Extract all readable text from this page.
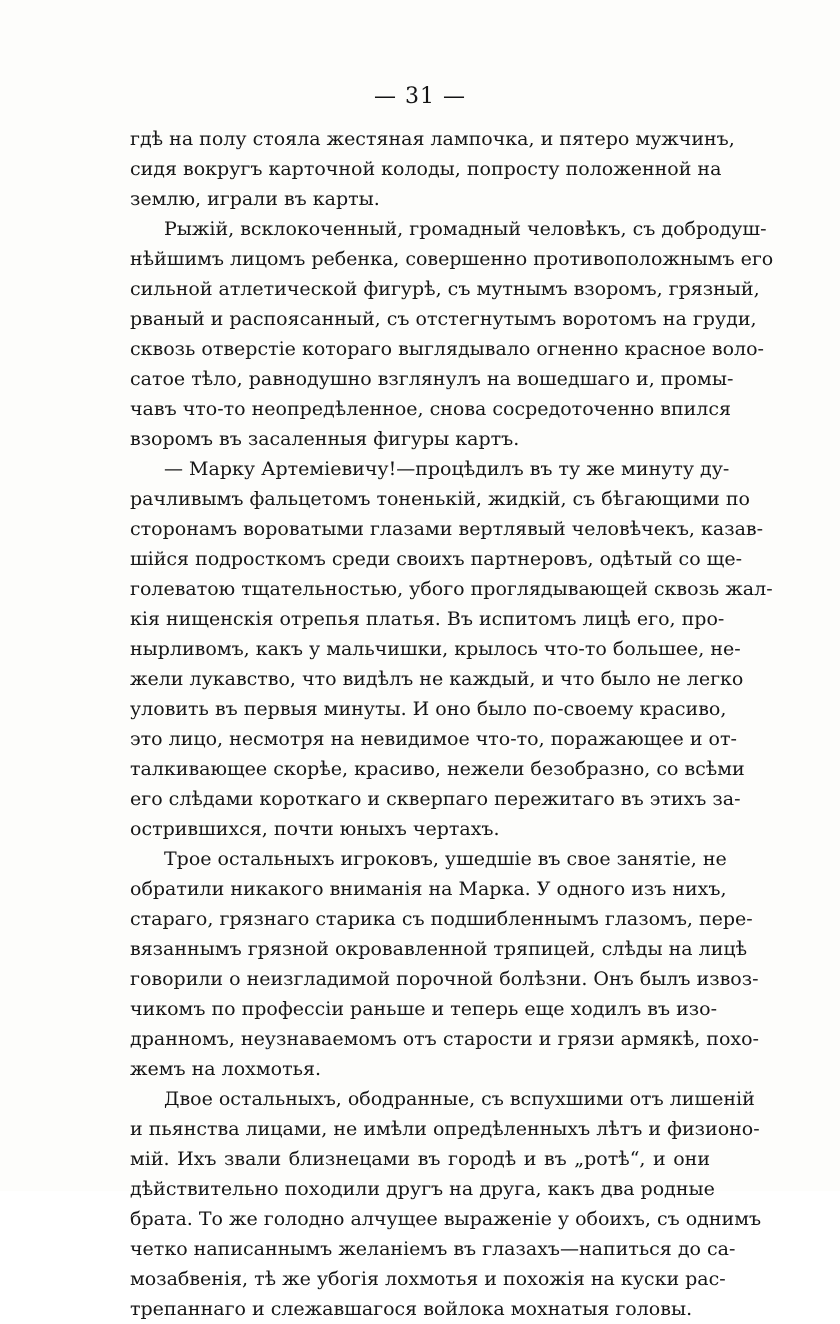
— 31 —

гдѣ на полу стояла жестяная лампочка, и пятеро мужчинъ,
сидя вокругъ карточной колоды, попросту положенной на
землю, играли въ карты.

Рыжій, всклокоченный, громадный человѣкъ, съ добродуш-
нѣйшимъ лицомъ ребенка, совершенно противоположнымъ его
сильной атлетической фигурѣ, съ мутнымъ взоромъ, грязный,
рваный и распоясанный, съ отстегнутымъ воротомъ на груди,
сквозь отверстіе котораго выглядывало огненно красное воло-
сатое тѣло, равнодушно взглянулъ на вошедшаго и, промы-
чавъ что-то неопредѣленное, снова сосредоточенно впился
взоромъ въ засаленныя фигуры картъ.

— Марку Артеміевичу!—процѣдилъ въ ту же минуту ду-
рачливымъ фальцетомъ тоненькій, жидкій, съ бѣгающими по
сторонамъ вороватыми глазами вертлявый человѣчекъ, казав-
шійся подросткомъ среди своихъ партнеровъ, одѣтый со ще-
голеватою тщательностью, убого проглядывающей сквозь жал-
кія нищенскія отрепья платья. Въ испитомъ лицѣ его, про-
нырливомъ, какъ у мальчишки, крылось что-то большее, не-
жели лукавство, что видѣлъ не каждый, и что было не легко
уловить въ первыя минуты. И оно было по-своему красиво,
это лицо, несмотря на невидимое что-то, поражающее и от-
талкивающее скорѣе, красиво, нежели безобразно, со всѣми
его слѣдами короткаго и скверпаго пережитаго въ этихъ за-
острившихся, почти юныхъ чертахъ.

Трое остальныхъ игроковъ, ушедшіе въ свое занятіе, не
обратили никакого вниманія на Марка. У одного изъ нихъ,
стараго, грязнаго старика съ подшибленнымъ глазомъ, пере-
вязаннымъ грязной окровавленной тряпицей, слѣды на лицѣ
говорили о неизгладимой порочной болѣзни. Онъ былъ извоз-
чикомъ по профессіи раньше и теперь еще ходилъ въ изо-
дранномъ, неузнаваемомъ отъ старости и грязи армякѣ, похо-
жемъ на лохмотья.

Двое остальныхъ, ободранные, съ вспухшими отъ лишеній
и пьянства лицами, не имѣли опредѣленныхъ лѣтъ и физионо-
мій. Ихъ звали близнецами въ городѣ и въ „ротѣ“, и они
дѣйствительно походили другъ на друга, какъ два родные
брата. То же голодно алчущее выраженіе у обоихъ, съ однимъ
четко написаннымъ желаніемъ въ глазахъ—напиться до са-
мозабвенія, тѣ же убогія лохмотья и похожія на куски рас-
трепаннаго и слежавшагося войлока мохнатыя головы.
